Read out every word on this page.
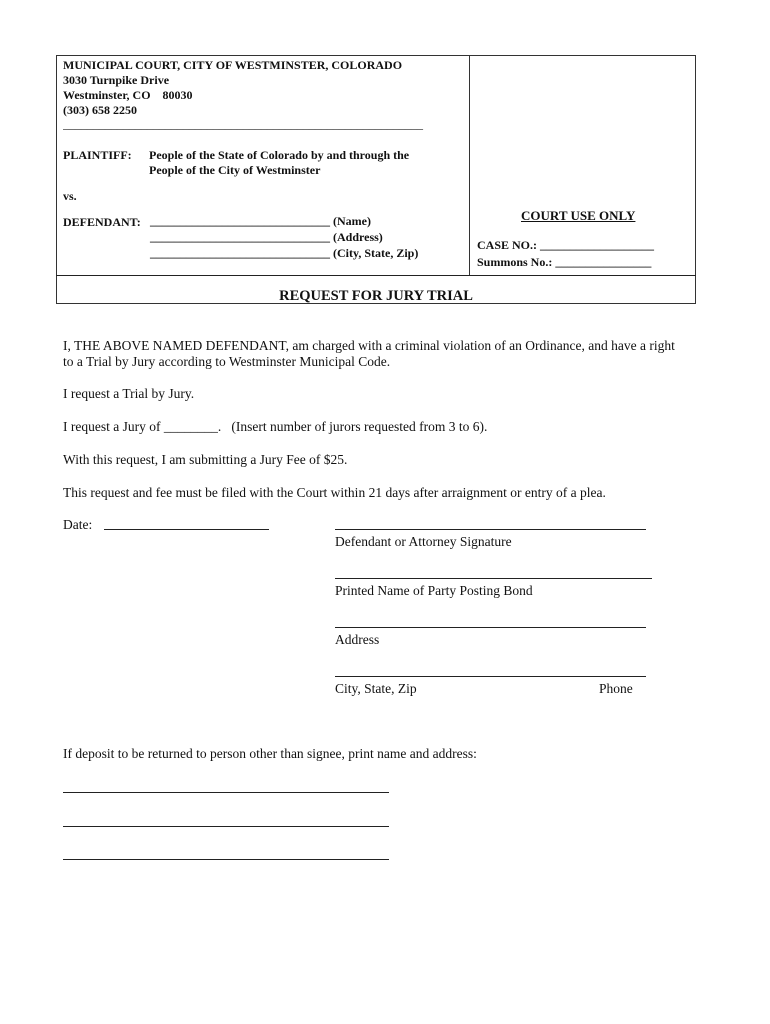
MUNICIPAL COURT, CITY OF WESTMINSTER, COLORADO
3030 Turnpike Drive
Westminster, CO    80030
(303) 658 2250
____________________________________________________________
PLAINTIFF: People of the State of Colorado by and through the
People of the City of Westminster
vs.
DEFENDANT: ______________________________ (Name)
______________________________ (Address)
______________________________ (City, State, Zip)
COURT USE ONLY
CASE NO.: ___________________
Summons No.: ________________
REQUEST FOR JURY TRIAL
I, THE ABOVE NAMED DEFENDANT, am charged with a criminal violation of an Ordinance, and have a right
to a Trial by Jury according to Westminster Municipal Code.
I request a Trial by Jury.
I request a Jury of ________.   (Insert number of jurors requested from 3 to 6).
With this request, I am submitting a Jury Fee of $25.
This request and fee must be filed with the Court within 21 days after arraignment or entry of a plea.
Date:
Defendant or Attorney Signature
Printed Name of Party Posting Bond
Address
City, State, Zip	Phone
If deposit to be returned to person other than signee, print name and address:
